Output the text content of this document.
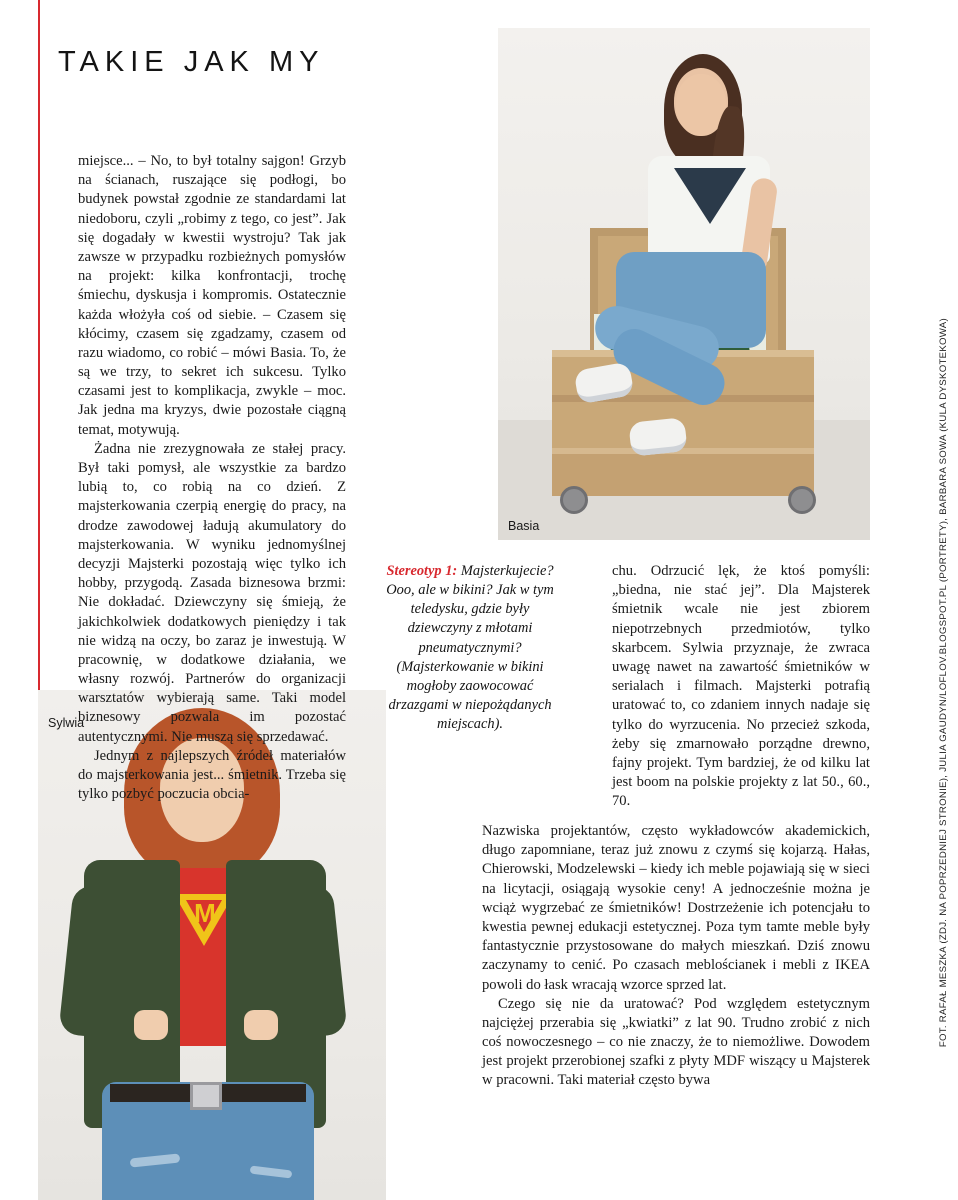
TAKIE JAK MY
Basia
M
Sylwia

miejsce... – No, to był totalny sajgon! Grzyb na ścianach, ruszające się podłogi, bo budynek powstał zgodnie ze standardami lat niedoboru, czyli „robimy z tego, co jest”. Jak się dogadały w kwestii wystroju? Tak jak zawsze w przypadku rozbieżnych pomysłów na projekt: kilka konfrontacji, trochę śmiechu, dyskusja i kompromis. Ostatecznie każda włożyła coś od siebie. – Czasem się kłócimy, czasem się zgadzamy, czasem od razu wiadomo, co robić – mówi Basia. To, że są we trzy, to sekret ich sukcesu. Tylko czasami jest to komplikacja, zwykle – moc. Jak jedna ma kryzys, dwie pozostałe ciągną temat, motywują.

Żadna nie zrezygnowała ze stałej pracy. Był taki pomysł, ale wszystkie za bardzo lubią to, co robią na co dzień. Z majsterkowania czerpią energię do pracy, na drodze zawodowej ładują akumulatory do majsterkowania. W wyniku jednomyślnej decyzji Majsterki pozostają więc tylko ich hobby, przygodą. Zasada biznesowa brzmi: Nie dokładać. Dziewczyny się śmieją, że jakichkolwiek dodatkowych pieniędzy i tak nie widzą na oczy, bo zaraz je inwestują. W pracownię, w dodatkowe działania, we własny rozwój. Partnerów do organizacji warsztatów wybierają same. Taki model biznesowy pozwala im pozostać autentycznymi. Nie muszą się sprzedawać.

Jednym z najlepszych źródeł materiałów do majsterkowania jest... śmietnik. Trzeba się tylko pozbyć poczucia obcia-

Stereotyp 1: Majsterkujecie? Ooo, ale w bikini? Jak w tym teledysku, gdzie były dziewczyny z młotami pneumatycznymi? (Majsterkowanie w bikini mogłoby zaowocować drzazgami w niepożądanych miejscach).

chu. Odrzucić lęk, że ktoś pomyśli: „biedna, nie stać jej”. Dla Majsterek śmietnik wcale nie jest zbiorem niepotrzebnych przedmiotów, tylko skarbcem. Sylwia przyznaje, że zwraca uwagę nawet na zawartość śmietników w serialach i filmach. Majsterki potrafią uratować to, co zdaniem innych nadaje się tylko do wyrzucenia. No przecież szkoda, żeby się zmarnowało porządne drewno, fajny projekt. Tym bardziej, że od kilku lat jest boom na polskie projekty z lat 50., 60., 70.

Nazwiska projektantów, często wykładowców akademickich, długo zapomniane, teraz już znowu z czymś się kojarzą. Hałas, Chierowski, Modzelewski – kiedy ich meble pojawiają się w sieci na licytacji, osiągają wysokie ceny! A jednocześnie można je wciąż wygrzebać ze śmietników! Dostrzeżenie ich potencjału to kwestia pewnej edukacji estetycznej. Poza tym tamte meble były fantastycznie przystosowane do małych mieszkań. Dziś znowu zaczynamy to cenić. Po czasach meblościanek i mebli z IKEA powoli do łask wracają wzorce sprzed lat.

Czego się nie da uratować? Pod względem estetycznym najciężej przerabia się „kwiatki” z lat 90. Trudno zrobić z nich coś nowoczesnego – co nie znaczy, że to niemożliwe. Dowodem jest projekt przerobionej szafki z płyty MDF wiszący u Majsterek w pracowni. Taki materiał często bywa

FOT. RAFAŁ MESZKA (ZDJ. NA POPRZEDNIEJ STRONIE), JULIA GAUDYN/LOFLOV.BLOGSPOT.PL (PORTRETY), BARBARA SOWA (KULA DYSKOTEKOWA)
